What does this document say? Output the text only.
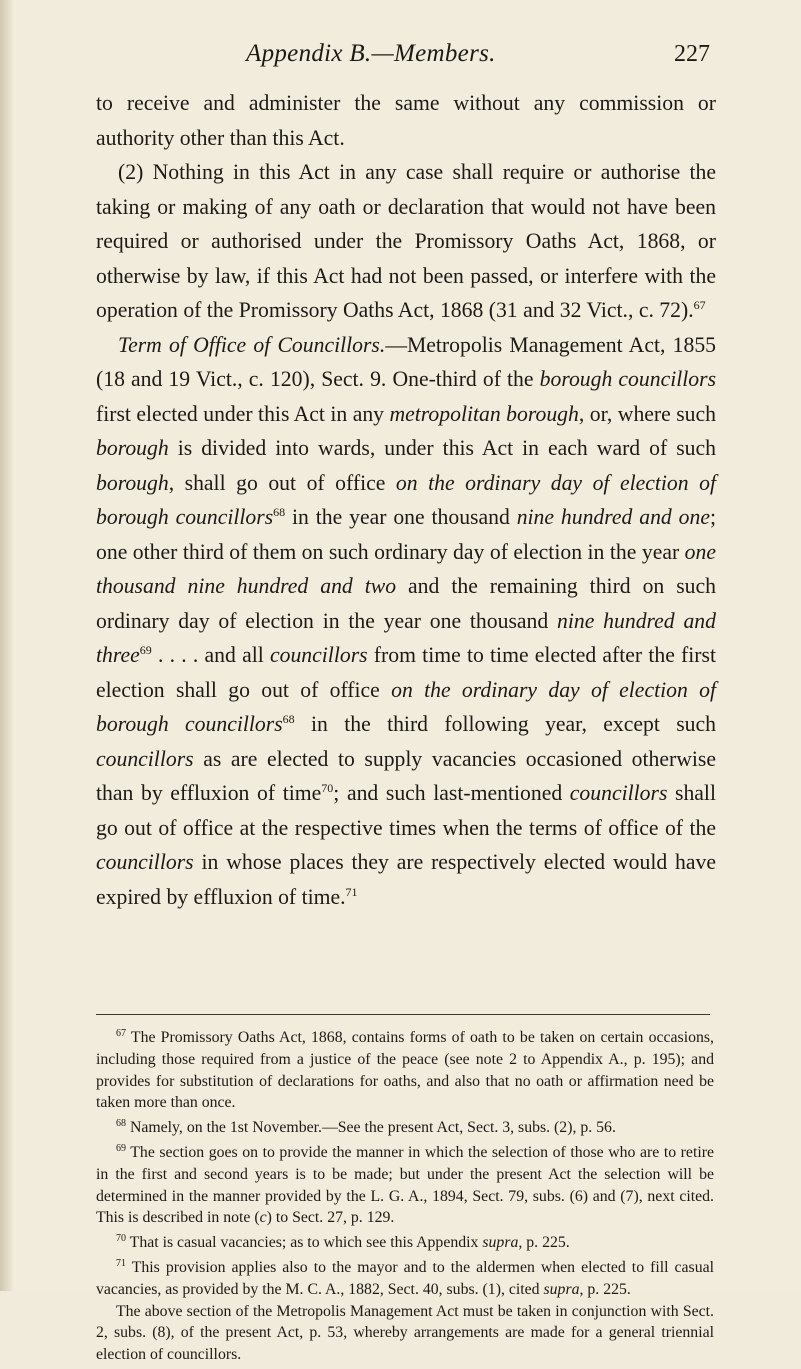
Appendix B.—Members.	227

to receive and administer the same without any commission or authority other than this Act.

(2) Nothing in this Act in any case shall require or authorise the taking or making of any oath or declaration that would not have been required or authorised under the Promissory Oaths Act, 1868, or otherwise by law, if this Act had not been passed, or interfere with the operation of the Promissory Oaths Act, 1868 (31 and 32 Vict., c. 72).$^{67}$

Term of Office of Councillors.—Metropolis Management Act, 1855 (18 and 19 Vict., c. 120), Sect. 9. One-third of the borough councillors first elected under this Act in any metropolitan borough, or, where such borough is divided into wards, under this Act in each ward of such borough, shall go out of office on the ordinary day of election of borough councillors$^{68}$ in the year one thousand nine hundred and one; one other third of them on such ordinary day of election in the year one thousand nine hundred and two and the remaining third on such ordinary day of election in the year one thousand nine hundred and three$^{69}$ . . . . and all councillors from time to time elected after the first election shall go out of office on the ordinary day of election of borough councillors$^{68}$ in the third following year, except such councillors as are elected to supply vacancies occasioned otherwise than by effluxion of time$^{70}$; and such last-mentioned councillors shall go out of office at the respective times when the terms of office of the councillors in whose places they are respectively elected would have expired by effluxion of time.$^{71}$

$^{67}$ The Promissory Oaths Act, 1868, contains forms of oath to be taken on certain occasions, including those required from a justice of the peace (see note 2 to Appendix A., p. 195); and provides for substitution of declarations for oaths, and also that no oath or affirmation need be taken more than once.

$^{68}$ Namely, on the 1st November.—See the present Act, Sect. 3, subs. (2), p. 56.

$^{69}$ The section goes on to provide the manner in which the selection of those who are to retire in the first and second years is to be made; but under the present Act the selection will be determined in the manner provided by the L. G. A., 1894, Sect. 79, subs. (6) and (7), next cited. This is described in note (c) to Sect. 27, p. 129.

$^{70}$ That is casual vacancies; as to which see this Appendix supra, p. 225.

$^{71}$ This provision applies also to the mayor and to the aldermen when elected to fill casual vacancies, as provided by the M. C. A., 1882, Sect. 40, subs. (1), cited supra, p. 225.

The above section of the Metropolis Management Act must be taken in conjunction with Sect. 2, subs. (8), of the present Act, p. 53, whereby arrangements are made for a general triennial election of councillors.
